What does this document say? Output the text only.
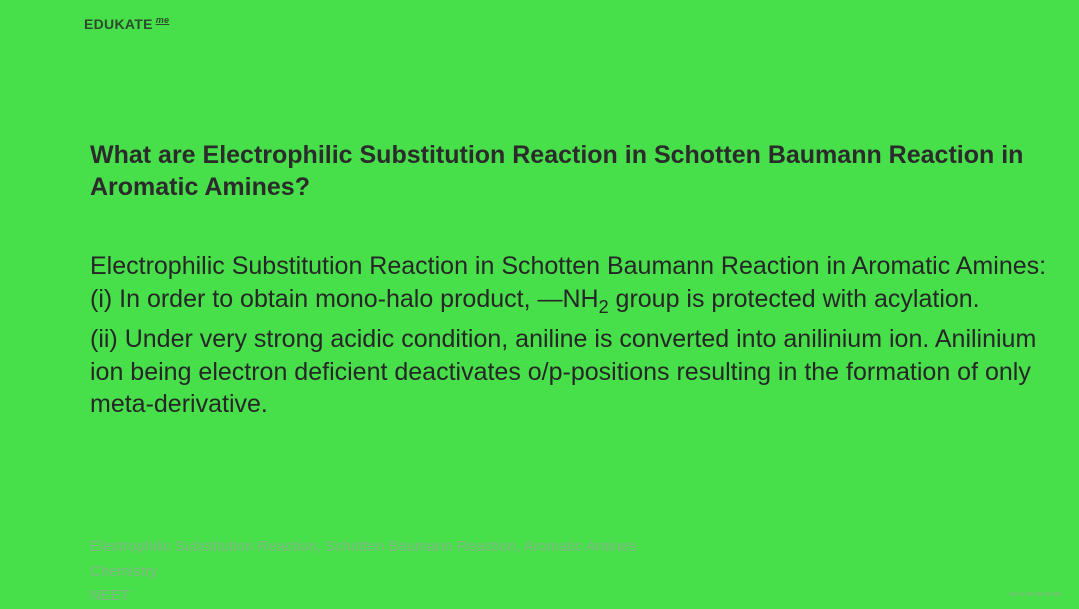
EDUKATE $^{me}$
What are Electrophilic Substitution Reaction in Schotten Baumann Reaction in Aromatic Amines?

Electrophilic Substitution Reaction in Schotten Baumann Reaction in Aromatic Amines:

(i) In order to obtain mono-halo product, $—NH_2$ group is protected with acylation.

(ii) Under very strong acidic condition, aniline is converted into anilinium ion. Anilinium ion being electron deficient deactivates o/p-positions resulting in the formation of only meta-derivative.

Electrophilic Substitution Reaction, Schotten Baumann Reaction, Aromatic Amines
Chemistry
NEET
